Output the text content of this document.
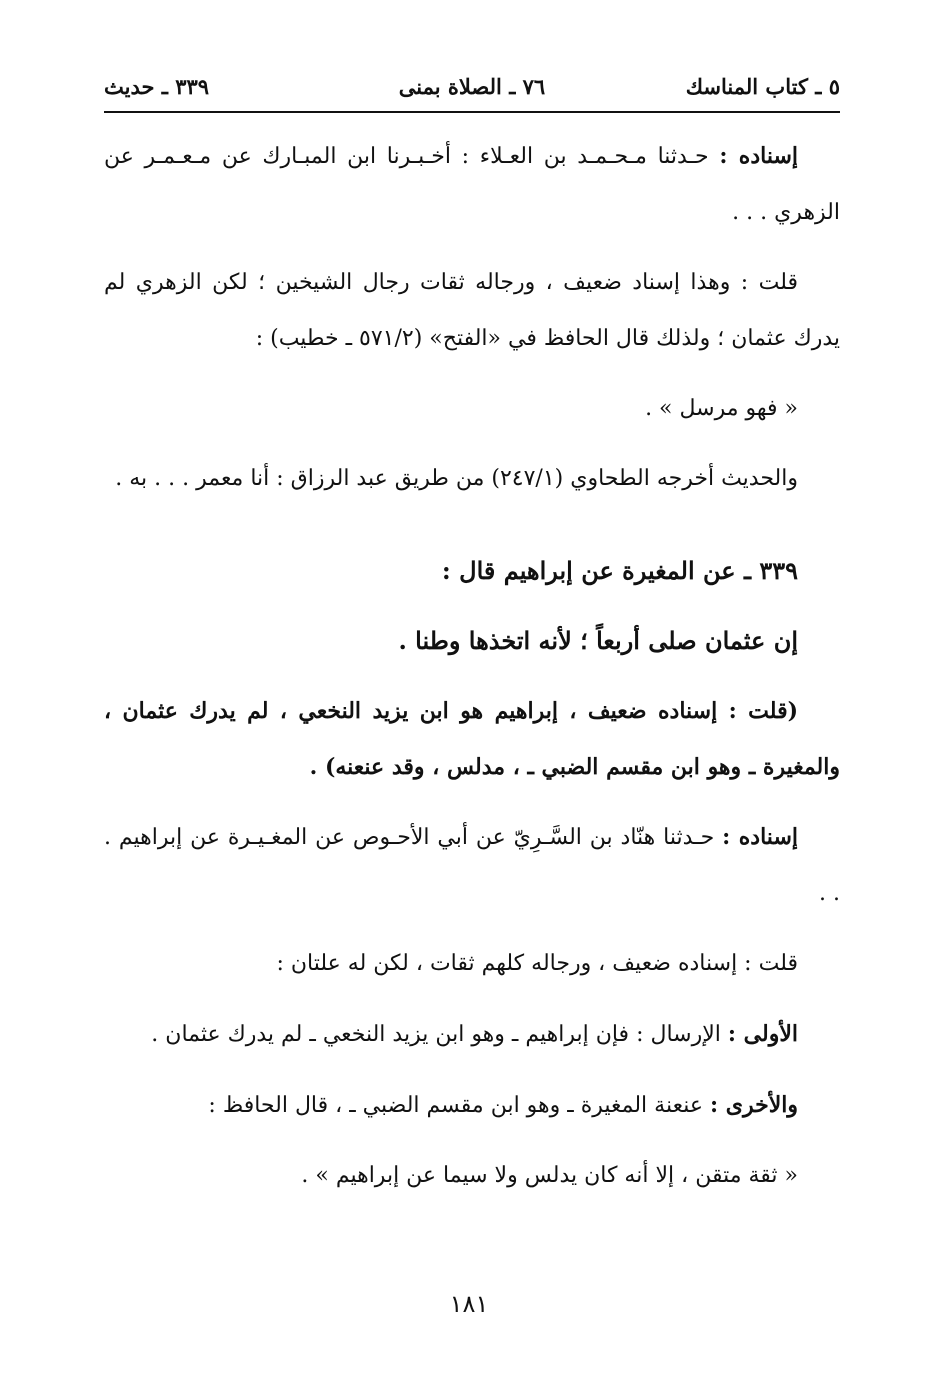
٥ ـ كتاب المناسك
٧٦ ـ الصلاة بمنى
٣٣٩ ـ حديث

إسناده : حـدثنا مـحـمـد بن العـلاء : أخـبـرنا ابن المبـارك عن مـعـمـر عن الزهري . . .

قلت : وهذا إسناد ضعيف ، ورجاله ثقات رجال الشيخين ؛ لكن الزهري لم يدرك عثمان ؛ ولذلك قال الحافظ في «الفتح» (٥٧١/٢ ـ خطيب) :

« فهو مرسل » .

والحديث أخرجه الطحاوي (٢٤٧/١) من طريق عبد الرزاق : أنا معمر . . . به .

٣٣٩ ـ عن المغيرة عن إبراهيم قال :

إن عثمان صلى أربعاً ؛ لأنه اتخذها وطنا .

(قلت : إسناده ضعيف ، إبراهيم هو ابن يزيد النخعي ، لم يدرك عثمان ، والمغيرة ـ وهو ابن مقسم الضبي ـ ، مدلس ، وقد عنعنه) .

إسناده : حـدثنا هنّاد بن السَّـرِيّ عن أبي الأحـوص عن المغـيـرة عن إبراهيم . . .

قلت : إسناده ضعيف ، ورجاله كلهم ثقات ، لكن له علتان :

الأولى : الإرسال : فإن إبراهيم ـ وهو ابن يزيد النخعي ـ لم يدرك عثمان .

والأخرى : عنعنة المغيرة ـ وهو ابن مقسم الضبي ـ ، قال الحافظ :

« ثقة متقن ، إلا أنه كان يدلس ولا سيما عن إبراهيم » .

١٨١
